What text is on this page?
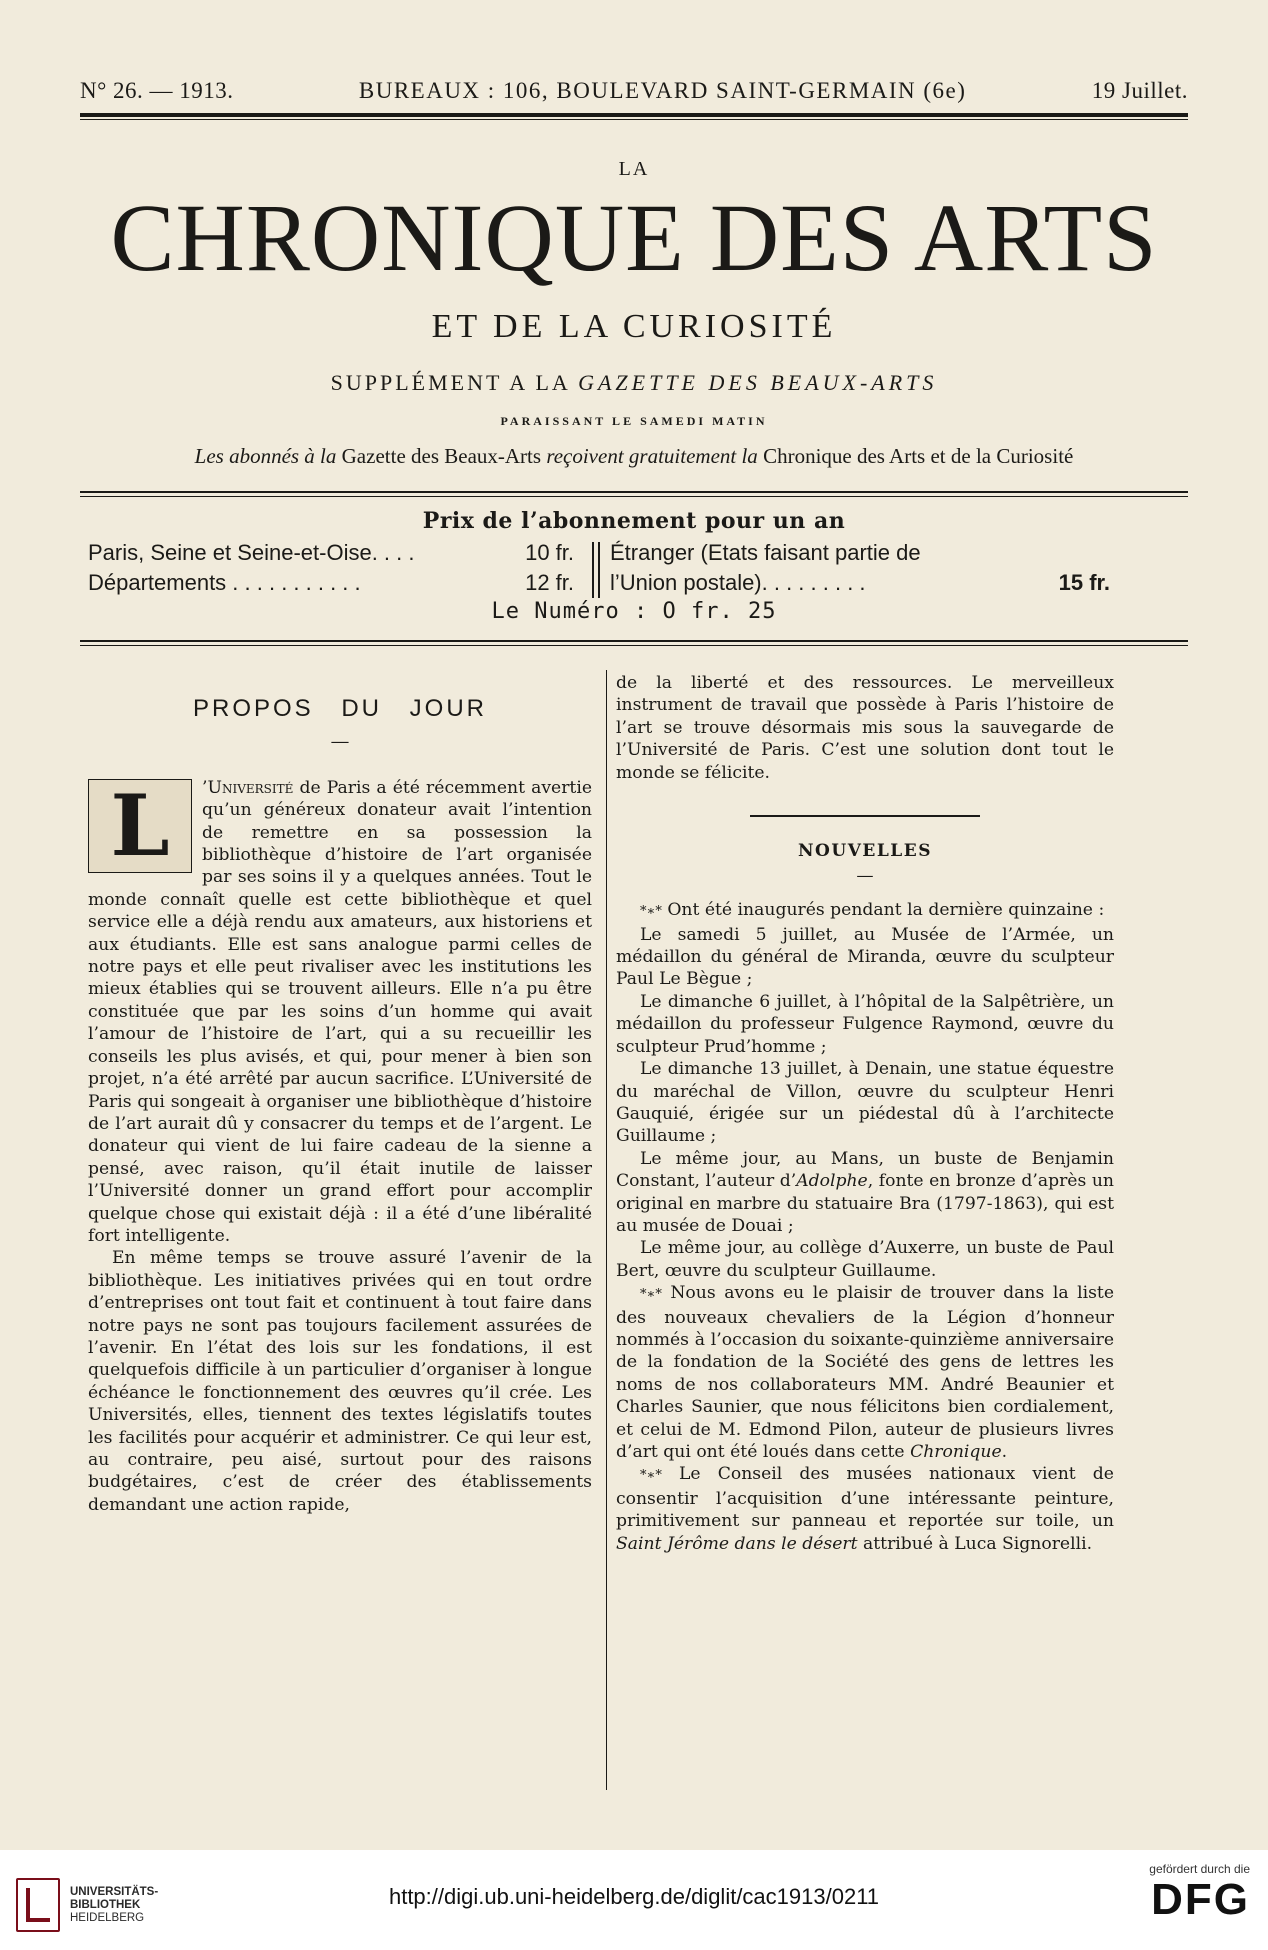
N° 26. — 1913.	BUREAUX : 106, BOULEVARD SAINT-GERMAIN (6e)	19 Juillet.
LA
CHRONIQUE DES ARTS
ET DE LA CURIOSITÉ
SUPPLÉMENT A LA GAZETTE DES BEAUX-ARTS
PARAISSANT LE SAMEDI MATIN
Les abonnés à la Gazette des Beaux-Arts reçoivent gratuitement la Chronique des Arts et de la Curiosité
Prix de l’abonnement pour un an
Paris, Seine et Seine-et-Oise. . . .	10 fr.
Départements . . . . . . . . . . .	12 fr.
Étranger (Etats faisant partie de
l’Union postale). . . . . . . . .	15 fr.
Le Numéro : O fr. 25
PROPOS DU JOUR
—

L	’Université de Paris a été récemment avertie qu’un généreux donateur avait l’intention de remettre en sa possession la bibliothèque d’histoire de l’art organisée par ses soins il y a quelques années. Tout le monde connaît quelle est cette bibliothèque et quel service elle a déjà rendu aux amateurs, aux historiens et aux étudiants. Elle est sans analogue parmi celles de notre pays et elle peut rivaliser avec les institutions les mieux établies qui se trouvent ailleurs. Elle n’a pu être constituée que par les soins d’un homme qui avait l’amour de l’histoire de l’art, qui a su recueillir les conseils les plus avisés, et qui, pour mener à bien son projet, n’a été arrêté par aucun sacrifice. L’Université de Paris qui songeait à organiser une bibliothèque d’histoire de l’art aurait dû y consacrer du temps et de l’argent. Le donateur qui vient de lui faire cadeau de la sienne a pensé, avec raison, qu’il était inutile de laisser l’Université donner un grand effort pour accomplir quelque chose qui existait déjà : il a été d’une libéralité fort intelligente.

En même temps se trouve assuré l’avenir de la bibliothèque. Les initiatives privées qui en tout ordre d’entreprises ont tout fait et continuent à tout faire dans notre pays ne sont pas toujours facilement assurées de l’avenir. En l’état des lois sur les fondations, il est quelquefois difficile à un particulier d’organiser à longue échéance le fonctionnement des œuvres qu’il crée. Les Universités, elles, tiennent des textes législatifs toutes les facilités pour acquérir et administrer. Ce qui leur est, au contraire, peu aisé, surtout pour des raisons budgétaires, c’est de créer des établissements demandant une action rapide,

de la liberté et des ressources. Le merveilleux instrument de travail que possède à Paris l’histoire de l’art se trouve désormais mis sous la sauvegarde de l’Université de Paris. C’est une solution dont tout le monde se félicite.

NOUVELLES
—

*∗* Ont été inaugurés pendant la dernière quinzaine :

Le samedi 5 juillet, au Musée de l’Armée, un médaillon du général de Miranda, œuvre du sculpteur Paul Le Bègue ;

Le dimanche 6 juillet, à l’hôpital de la Salpêtrière, un médaillon du professeur Fulgence Raymond, œuvre du sculpteur Prud’homme ;

Le dimanche 13 juillet, à Denain, une statue équestre du maréchal de Villon, œuvre du sculpteur Henri Gauquié, érigée sur un piédestal dû à l’architecte Guillaume ;

Le même jour, au Mans, un buste de Benjamin Constant, l’auteur d’Adolphe, fonte en bronze d’après un original en marbre du statuaire Bra (1797-1863), qui est au musée de Douai ;

Le même jour, au collège d’Auxerre, un buste de Paul Bert, œuvre du sculpteur Guillaume.

*∗* Nous avons eu le plaisir de trouver dans la liste des nouveaux chevaliers de la Légion d’honneur nommés à l’occasion du soixante-quinzième anniversaire de la fondation de la Société des gens de lettres les noms de nos collaborateurs MM. André Beaunier et Charles Saunier, que nous félicitons bien cordialement, et celui de M. Edmond Pilon, auteur de plusieurs livres d’art qui ont été loués dans cette Chronique.

*∗* Le Conseil des musées nationaux vient de consentir l’acquisition d’une intéressante peinture, primitivement sur panneau et reportée sur toile, un Saint Jérôme dans le désert attribué à Luca Signorelli.

UNIVERSITÄTS-
BIBLIOTHEK
HEIDELBERG
http://digi.ub.uni-heidelberg.de/diglit/cac1913/0211
gefördert durch die
DFG
